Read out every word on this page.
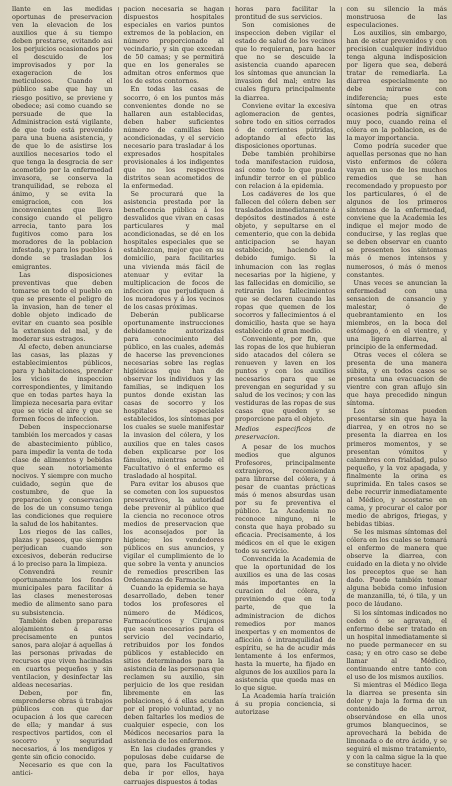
llante en las medidas oportunas de preservacion ven la elevacion de los auxilios que á su tiempo deben prestarse, evitando asi los perjuicios ocasionados por el descuido de los improvisados y por la exageracion de los meticulosos. Cuando el público sabe que hay un riesgo positivo, se previene y obedece; asi como cuando se persuade de que la Administracion está vigilante, de que todo está prevenido para una buena asistencia, y de que lo de asistirse los auxilios necesarios todo el que tenga la desgracia de ser acometido por la enfermedad invasora, se conserva la tranquilidad, se reboza el ánimo, y se evita la emigracion, con los inconvenientes que lleva consigo cuando el peligro arrecia, tanto para los fugitivos como para los moradores de la poblacion infestada, y para los pueblos á donde se trasladan los emigrantes.

Las disposiciones preventivas que deben tomarse en todo el pueblo en que se presente el peligro de la invasion, han de tener el doble objeto indicado de evitar en cuanto sea posible la extension del mal, y de moderar sus estragos.

Al efecto, deben anunciarse las casas, las plazas y establecimientos públicos, para y habitaciones, prender los vicios de inspeccion correspondientes, y limitando que en todas partes haya la limpieza necesaria para evitar que se vicie el aire y que se formen focos de infeccion.

Deben inspeccionarse también los mercados y casas de abastecimiento público, para impedir la venta de toda clase de alimentos y bebidas que sean notoriamente nocivos. Y siempre con mucho cuidado, según que de costumbre, de que la preparacion y conservacion de los de un consumo tenga las condiciones que requiere la salud de los habitantes.

Los riegos de las calles, plazas y paseos, que siempre perjudican cuando son excesivos, deberán reducirse á lo preciso para la limpieza.

Convendrá reunir oportunamente los fondos municipales para facilitar á las clases menesterosas medio de alimento sano para su subsistencia.

También deben prepararse alojamientos á esas precisamente en puntos sanos, para alojar á aquellas á las personas privadas de recursos que viven hacinadas en cuartos pequeños y sin ventilacion, y desinfectar las aldeas necesarias.

Deben, por fin, emprenderse obras ú trabajos públicos con que dar ocupacion á los que carecen de ella; y mandar á sus respectivos partidos, con el socorro y seguridad necesarios, á los mendigos y gente sin oficio conocido.

Necesario es que con la antici-

pacion necesaria se hagan dispuestos hospitales especiales en varios puntos extremos de la poblacion, en número proporcionado al vecindario, y sin que excedan de 50 camas; y se permitirá que en los generales se admitan otros enfermos que los de estos contornos.

En todas las casas de socorro, ó en los puntos más convenientes donde no se hallaren aun establecidas, deben haber suficientes número de camillas bien acondicionadas, y el servicio necesario para trasladar á los expresados hospitales provisionales á los indigentes que no los respectivos distritos sean acometidos de la enfermedad.

Se procurará que la asistencia prestada por la beneficencia pública á los desvalidos que vivan en casas particulares y mal acondicionadas, se dé en los hospitales especiales que se establezcan, mejor que en su domicilio, para facilitarles una vivienda más fácil de atenuar y evitar la multiplicacion de focos de infeccion que perjudiquen á los moradores y á los vecinos de los casas próximas.

Deberán publicarse oportunamente instrucciones debidamente autorizadas para conocimiento del público, en las cuales, además de hacerse las prevenciones necesarias sobre las reglas higiénicas que han de observar los individuos y las familias, se indiquen los puntos donde existan las casas de socorro y los hospitales especiales establecidos, los síntomas por los cuales se suele manifestar la invasion del cólera, y los auxilios que en tales casos deben explicarse por los fámulos, mientras acude el Facultativo ó el enfermo es trasladado al hospital.

Para evitar los abusos que se cometen con los supuestos preservativos, la autoridad debe prevenir al público que la ciencia no reconoce otros medios de preservacion que los aconsejados por la higiene; los vendedores públicos en sus anuncios, y vigilar el cumplimiento de lo que sobre la venta y anuncios de remedios prescriben las Ordenanzas de Farmacia.

Cuando la epidemia se haya desarrollado, deben tener todos los profesores el número de Médicos, Farmacéuticos y Cirujanos que sean necesarios para el servicio del vecindario, retribuidos por los fondos públicos y establecido en sitios determinados para la asistencia de las personas que reclamen su auxilio, sin perjuicio de los que residan libremente en las poblaciones, ó á ellas acudan por el propio voluntad, y no deben faltarles los medios de cualquier especie, con los Médicos necesarios para la asistencia de los enfermos.

En las ciudades grandes y populosas debe cuidarse de que, para los Facultativos deba ir por ellos, haya carruajes dispuestos á todas

horas para facilitar la prontitud de sus servicios.

Son comisiones de inspeccion deben vigilar el estado de salud de los vecinos que lo requieran, para hacer que no se descuide la asistencia cuando aparecen los síntomas que anuncian la invasion del mal; entre las cuales figura principalmente la diarrea.

Conviene evitar la excesiva aglomeracion de gentes, sobre todo en sitios cerrados ó de corrientes pútridas, adoptando al efecto las disposiciones oportunas.

Debe también prohibirse toda manifestacion ruidosa, así como todo lo que pueda infundir terror en el público con relacion á la epidemia.

Los cadáveres de los que fallecen del cólera deben ser trasladados inmediatamente á depósitos destinados á este objeto, y sepultarse en el cementerio, que con la debida anticipacion se hayan establecido, haciendo el debido fumigo. Si la inhumacion con las reglas necesarias por la higiene, y las fallecidas en domicilio, se retirarán los fallecimientos que se declaren cuando las ropas que quemen de los socorros y fallecimientos á el domicilio, hasta que se haya establecido el gran medio.

Conveniente, por fin, que las ropas de los que hubieran sido atacados del cólera se renueven y laven en los puntos y con los auxilios necesarios para que se prevengan en seguridad y su salud de los vecinos; y con las vestiduras de las ropas de sus casas que queden y se proporcione para el objeto.

Medios especificos de preservacion.

A pesar de los muchos medios que algunos Profesores, principalmente extranjeros, recomiendan para librarse del cólera, y á pesar de cuantas prácticas más ó menos absurdas usan por su fe preventiva el público. La Academia no reconoce ninguno, ni le consta que haya probado su eficacia. Precisamente, á los médicos en el que le exigen todo su servicio.

Convencida la Academia de que la oportunidad de los auxilios es una de las cosas más importantes en la curacion del cólera, y previniendo que en toda parte, de que la administracion de dichos remedios por manos inexpertas y en momentos de aflicción ó intranquilidad de espíritu, se ha de acudir más lentamente á los enfermos, hasta la muerte, ha fijado en algunos de los auxilios para la asistencia que queda mas en lo que sigue.

La Academia haría traición á su propia conciencia, si autorizase

con su silencio la más monstruosa de las especulaciones.

Los auxilios, sin embargo, han de estar prevenidos y con precision cualquier individuo tenga alguna indisposicion por ligera que sea, deberá tratar de remediarla. La diarrea especialmente no debe mirarse con indiferencia; pues este síntoma que en otras ocasiones podría significar muy poco, cuando reina el cólera en la poblacion, es de la mayor importancia.

Como podría suceder que aquellas personas que no han visto enfermos de cólera vayan en uso de los muchos remedios que se han recomendado y propuesto por los particulares, ó el de algunos de los primeros síntomas de la enfermedad, conviene que la Academia les indique el mejor modo de conducirse, y las reglas que se deben observar en cuanto se presenten los síntomas más ó menos intensos y numerosos, ó más ó menos constantes.

Unas veces se anuncian la enfermedad con una sensacion de cansancio y malestar, ó de quebrantamiento en los miembros, en la boca del estómago, ó en el vientre, y una ligera diarrea, al principio de la enfermedad.

Otras veces el cólera se presenta de una manera súbita, y en todos casos se presenta una evacuacion de vientre con gran aflujo sin que haya precedido ningun síntoma.

Los síntomas pueden presentarse sin que haya la diarrea, y en otros no se presenta la diarrea en los primeros momentos, y se presentan vómitos y calambres con frialdad, pulso pequeño, y la voz apagada, y finalmente la orina es suprimida. En tales casos se debe recurrir inmediatamente al Médico, y acostarse en cama, y procurar el calor por medio de abrigos, friegas, y bebidas tibias.

Se les mismas síntomas del cólera en los cuales se tomará el enfermo de manera que observe la diarrea, con cuidado en la dieta y no olvide los preceptos que se han dado. Puede también tomar alguna bebida como infusion de manzanilla, té, ó tila, y un poco de láudano.

Si los síntomas indicados no ceden ó se agravan, el enfermo debe ser tratado en un hospital inmediatamente si no puede permanecer en su casa; y en otro caso se debe llamar al Médico, continuando entre tanto con el uso de los mismos auxilios.

Si mientras el Médico llega la diarrea se presenta sin dolor y baja la forma de un contenido de arroz, observándose en ella unos grumos blanquecinos, se aprovechará la bebida de limonada o de otro ácido, y se seguirá el mismo tratamiento, y con la calma sigue la la que se constituye hacer.
